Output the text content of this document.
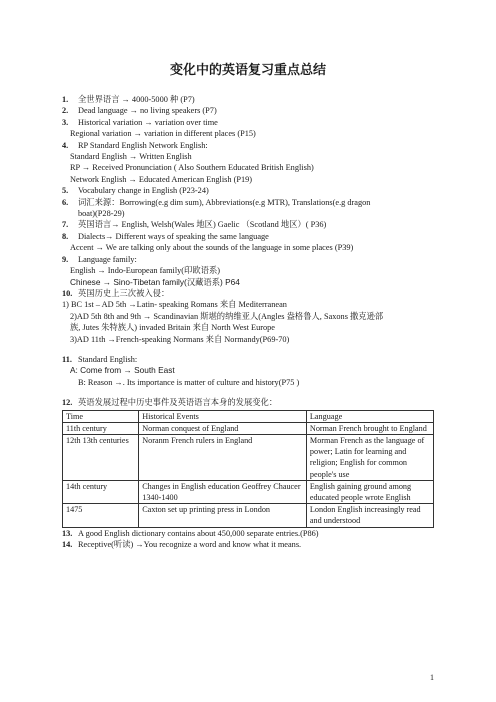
变化中的英语复习重点总结
1. 全世界语言 → 4000-5000 种 (P7)
2. Dead language → no living speakers (P7)
3. Historical variation → variation over time
Regional variation → variation in different places (P15)
4. RP Standard English Network English:
Standard English → Written English
RP → Received Pronunciation ( Also Southern Educated British English)
Network English → Educated American English (P19)
5. Vocabulary change in English (P23-24)
6. 词汇来源：Borrowing(e.g dim sum), Abbreviations(e.g MTR), Translations(e.g dragon
boat)(P28-29)
7. 英国语言→ English, Welsh(Wales 地区) Gaelic （Scotland 地区）( P36)
8. Dialects→ Different ways of speaking the same language
Accent → We are talking only about the sounds of the language in some places (P39)
9. Language family:
English → Indo-European family(印欧语系)
Chinese → Sino-Tibetan family(汉藏语系) P64
10. 英国历史上三次被入侵：
1) BC 1st – AD 5th →Latin- speaking Romans 来自 Mediterranean
2)AD 5th 8th and 9th → Scandinavian 斯堪的纳维亚人(Angles 盎格鲁人, Saxons 撒克逊部
族, Jutes 朱特族人) invaded Britain 来自 North West Europe
3)AD 11th →French-speaking Normans 来自 Normandy(P69-70)
11. Standard English:
A: Come from → South East
B: Reason →. Its importance is matter of culture and history(P75 )
12. 英语发展过程中历史事件及英语语言本身的发展变化：
Time	Historical Events	Language
11th century	Norman conquest of England	Norman French brought to England
12th 13th centuries	Noranm French rulers in England	Morman French as the language of power; Latin for learning and religion; English for common people's use
14th century	Changes in English education Geoffrey Chaucer 1340-1400	English gaining ground among educated people wrote English
1475	Caxton set up printing press in London	London English increasingly read and understood
13. A good English dictionary contains about 450,000 separate entries.(P86)
14. Receptive(听读) →You recognize a word and know what it means.
1
